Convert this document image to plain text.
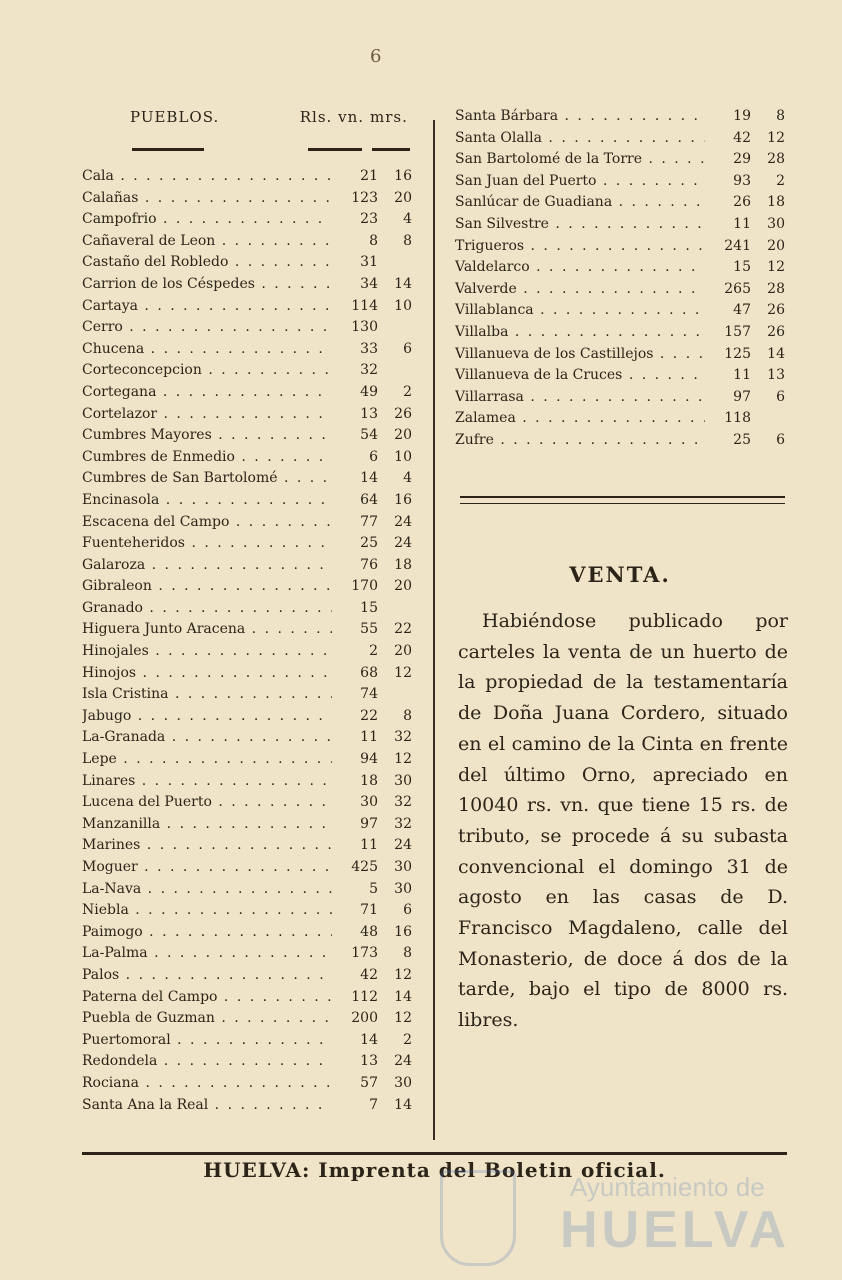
6
PUEBLOS.	Rls. vn. mrs.
Cala . . .	21	16
Calañas . . .	123	20
Campofrio . . .	23	4
Cañaveral de Leon . . .	8	8
Castaño del Robledo . . .	31
Carrion de los Céspedes . . .	34	14
Cartaya . . .	114	10
Cerro . . .	130
Chucena . . .	33	6
Corteconcepcion . . .	32
Cortegana . . .	49	2
Cortelazor . . .	13	26
Cumbres Mayores . . .	54	20
Cumbres de Enmedio . . .	6	10
Cumbres de San Bartolomé . . .	14	4
Encinasola . . .	64	16
Escacena del Campo . . .	77	24
Fuenteheridos . . .	25	24
Galaroza . . .	76	18
Gibraleon . . .	170	20
Granado . . .	15
Higuera Junto Aracena . . .	55	22
Hinojales . . .	2	20
Hinojos . . .	68	12
Isla Cristina . . .	74
Jabugo . . .	22	8
La-Granada . . .	11	32
Lepe . . .	94	12
Linares . . .	18	30
Lucena del Puerto . . .	30	32
Manzanilla . . .	97	32
Marines . . .	11	24
Moguer . . .	425	30
La-Nava . . .	5	30
Niebla . . .	71	6
Paimogo . . .	48	16
La-Palma . . .	173	8
Palos . . .	42	12
Paterna del Campo . . .	112	14
Puebla de Guzman . . .	200	12
Puertomoral . . .	14	2
Redondela . . .	13	24
Rociana . . .	57	30
Santa Ana la Real . . .	7	14
Santa Bárbara . . .	19	8
Santa Olalla . . .	42	12
San Bartolomé de la Torre . . .	29	28
San Juan del Puerto . . .	93	2
Sanlúcar de Guadiana . . .	26	18
San Silvestre . . .	11	30
Trigueros . . .	241	20
Valdelarco . . .	15	12
Valverde . . .	265	28
Villablanca . . .	47	26
Villalba . . .	157	26
Villanueva de los Castillejos . . .	125	14
Villanueva de la Cruces . . .	11	13
Villarrasa . . .	97	6
Zalamea . . .	118
Zufre . . .	25	6
VENTA.
Habiéndose publicado por carteles la venta de un huerto de la propiedad de la testamentaría de Doña Juana Cordero, situado en el camino de la Cinta en frente del último Orno, apreciado en 10040 rs. vn. que tiene 15 rs. de tributo, se procede á su subasta convencional el domingo 31 de agosto en las casas de D. Francisco Magdaleno, calle del Monasterio, de doce á dos de la tarde, bajo el tipo de 8000 rs. libres.
HUELVA: Imprenta del Boletin oficial.
Ayuntamiento de
HUELVA
